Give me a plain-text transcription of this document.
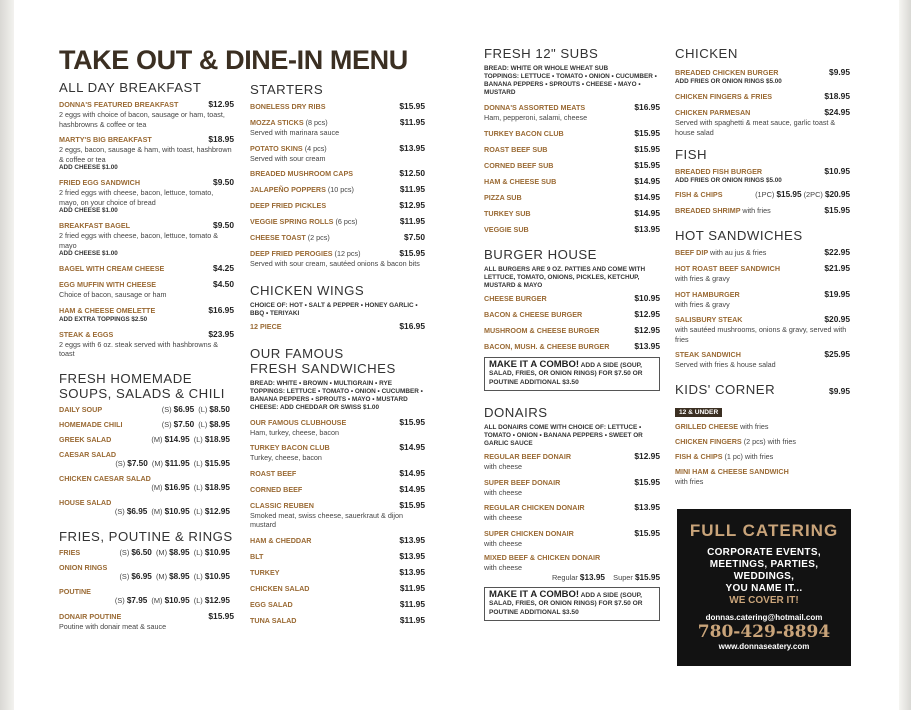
TAKE OUT & DINE-IN MENU
ALL DAY BREAKFAST
DONNA'S FEATURED BREAKFAST	$12.95
2 eggs with choice of bacon, sausage or ham, toast, hashbrowns & coffee or tea
MARTY'S BIG BREAKFAST	$18.95
2 eggs, bacon, sausage & ham, with toast, hashbrown & coffee or tea
ADD CHEESE $1.00
FRIED EGG SANDWICH	$9.50
2 fried eggs with cheese, bacon, lettuce, tomato, mayo, on your choice of bread
ADD CHEESE $1.00
BREAKFAST BAGEL	$9.50
2 fried eggs with cheese, bacon, lettuce, tomato & mayo
ADD CHEESE $1.00
BAGEL WITH CREAM CHEESE	$4.25
EGG MUFFIN WITH CHEESE	$4.50
Choice of bacon, sausage or ham
HAM & CHEESE OMELETTE	$16.95
ADD EXTRA TOPPINGS $2.50
STEAK & EGGS	$23.95
2 eggs with 6 oz. steak served with hashbrowns & toast
FRESH HOMEMADE
SOUPS, SALADS & CHILI
DAILY SOUP	(S) $6.95 (L) $8.50
HOMEMADE CHILI	(S) $7.50 (L) $8.95
GREEK SALAD	(M) $14.95 (L) $18.95
CAESAR SALAD
(S) $7.50 (M) $11.95 (L) $15.95
CHICKEN CAESAR SALAD
(M) $16.95 (L) $18.95
HOUSE SALAD
(S) $6.95 (M) $10.95 (L) $12.95
FRIES, POUTINE & RINGS
FRIES	(S) $6.50 (M) $8.95 (L) $10.95
ONION RINGS
(S) $6.95 (M) $8.95 (L) $10.95
POUTINE
(S) $7.95 (M) $10.95 (L) $12.95
DONAIR POUTINE	$15.95
Poutine with donair meat & sauce
STARTERS
BONELESS DRY RIBS	$15.95
MOZZA STICKS (8 pcs)	$11.95
Served with marinara sauce
POTATO SKINS (4 pcs)	$13.95
Served with sour cream
BREADED MUSHROOM CAPS	$12.50
JALAPEÑO POPPERS (10 pcs)	$11.95
DEEP FRIED PICKLES	$12.95
VEGGIE SPRING ROLLS (6 pcs)	$11.95
CHEESE TOAST (2 pcs)	$7.50
DEEP FRIED PEROGIES (12 pcs)	$15.95
Served with sour cream, sautéed onions & bacon bits
CHICKEN WINGS
CHOICE OF: HOT • SALT & PEPPER • HONEY GARLIC • BBQ • TERIYAKI
12 PIECE	$16.95
OUR FAMOUS
FRESH SANDWICHES
BREAD: WHITE • BROWN • MULTIGRAIN • RYE
TOPPINGS: LETTUCE • TOMATO • ONION • CUCUMBER • BANANA PEPPERS • SPROUTS • MAYO • MUSTARD
CHEESE: ADD CHEDDAR OR SWISS $1.00
OUR FAMOUS CLUBHOUSE	$15.95
Ham, turkey, cheese, bacon
TURKEY BACON CLUB	$14.95
Turkey, cheese, bacon
ROAST BEEF	$14.95
CORNED BEEF	$14.95
CLASSIC REUBEN	$15.95
Smoked meat, swiss cheese, sauerkraut & dijon mustard
HAM & CHEDDAR	$13.95
BLT	$13.95
TURKEY	$13.95
CHICKEN SALAD	$11.95
EGG SALAD	$11.95
TUNA SALAD	$11.95
FRESH 12" SUBS
BREAD: WHITE OR WHOLE WHEAT SUB
TOPPINGS: LETTUCE • TOMATO • ONION • CUCUMBER • BANANA PEPPERS • SPROUTS • CHEESE • MAYO • MUSTARD
DONNA'S ASSORTED MEATS	$16.95
Ham, pepperoni, salami, cheese
TURKEY BACON CLUB	$15.95
ROAST BEEF SUB	$15.95
CORNED BEEF SUB	$15.95
HAM & CHEESE SUB	$14.95
PIZZA SUB	$14.95
TURKEY SUB	$14.95
VEGGIE SUB	$13.95
BURGER HOUSE
ALL BURGERS ARE 9 OZ. PATTIES AND COME WITH LETTUCE, TOMATO, ONIONS, PICKLES, KETCHUP, MUSTARD & MAYO
CHEESE BURGER	$10.95
BACON & CHEESE BURGER	$12.95
MUSHROOM & CHEESE BURGER	$12.95
BACON, MUSH. & CHEESE BURGER	$13.95
MAKE IT A COMBO! ADD A SIDE (SOUP, SALAD, FRIES, OR ONION RINGS) FOR $7.50 OR POUTINE ADDITIONAL $3.50
DONAIRS
ALL DONAIRS COME WITH CHOICE OF: LETTUCE • TOMATO • ONION • BANANA PEPPERS • SWEET OR GARLIC SAUCE
REGULAR BEEF DONAIR	$12.95
with cheese
SUPER BEEF DONAIR	$15.95
with cheese
REGULAR CHICKEN DONAIR	$13.95
with cheese
SUPER CHICKEN DONAIR	$15.95
with cheese
MIXED BEEF & CHICKEN DONAIR
with cheese
Regular $13.95 Super $15.95
MAKE IT A COMBO! ADD A SIDE (SOUP, SALAD, FRIES, OR ONION RINGS) FOR $7.50 OR POUTINE ADDITIONAL $3.50
CHICKEN
BREADED CHICKEN BURGER	$9.95
ADD FRIES OR ONION RINGS $5.00
CHICKEN FINGERS & FRIES	$18.95
CHICKEN PARMESAN	$24.95
Served with spaghetti & meat sauce, garlic toast & house salad
FISH
BREADED FISH BURGER	$10.95
ADD FRIES OR ONION RINGS $5.00
FISH & CHIPS	(1PC) $15.95 (2PC) $20.95
BREADED SHRIMP with fries	$15.95
HOT SANDWICHES
BEEF DIP with au jus & fries	$22.95
HOT ROAST BEEF SANDWICH	$21.95
with fries & gravy
HOT HAMBURGER	$19.95
with fries & gravy
SALISBURY STEAK	$20.95
with sautéed mushrooms, onions & gravy, served with fries
STEAK SANDWICH	$25.95
Served with fries & house salad
KIDS' CORNER	$9.95
12 & UNDER
GRILLED CHEESE with fries
CHICKEN FINGERS (2 pcs) with fries
FISH & CHIPS (1 pc) with fries
MINI HAM & CHEESE SANDWICH
with fries
FULL CATERING
CORPORATE EVENTS,
MEETINGS, PARTIES,
WEDDINGS,
YOU NAME IT...
WE COVER IT!
donnas.catering@hotmail.com
780-429-8894
www.donnaseatery.com
